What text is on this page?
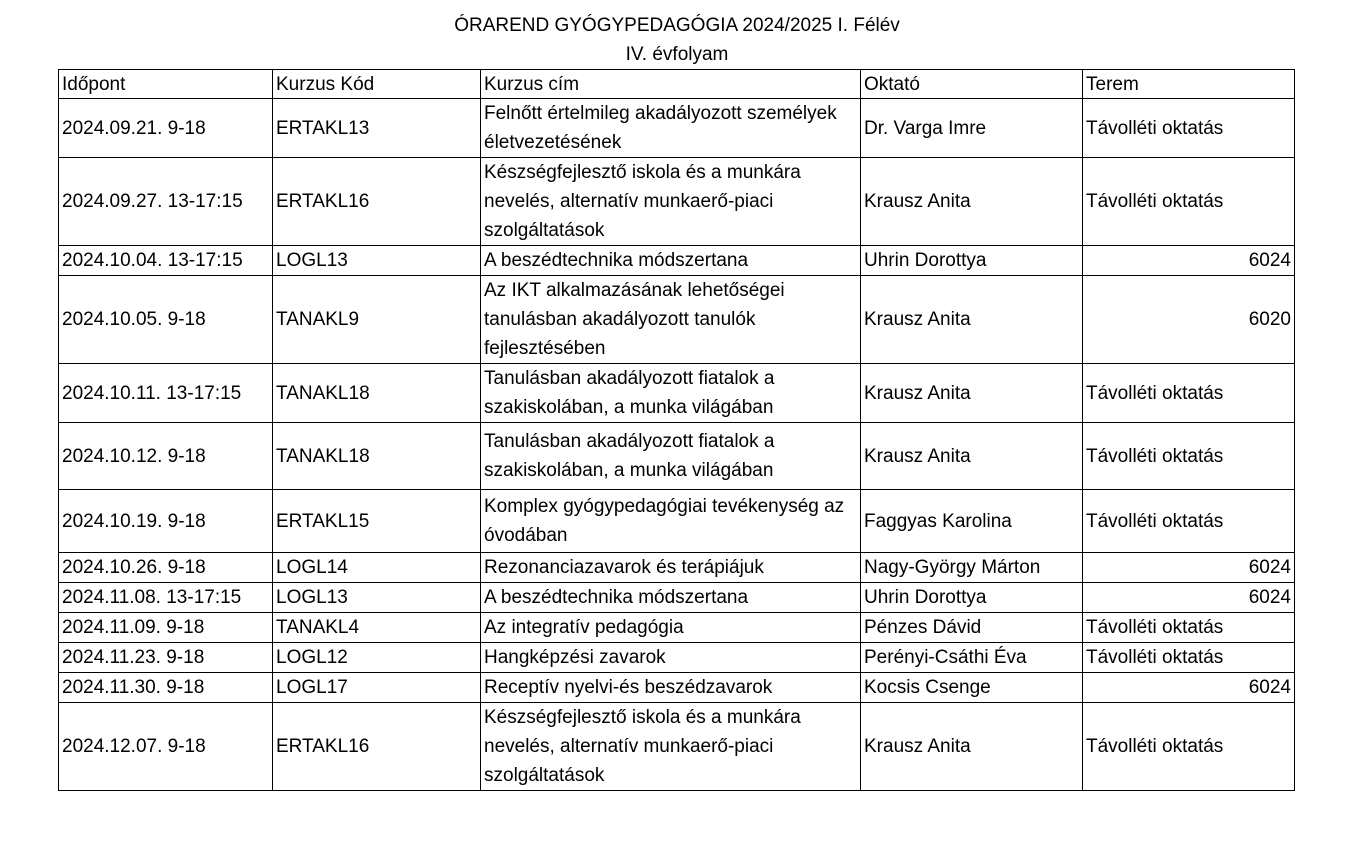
ÓRAREND GYÓGYPEDAGÓGIA 2024/2025 I. Félév
IV. évfolyam
Időpont	Kurzus Kód	Kurzus cím	Oktató	Terem
2024.09.21. 9-18	ERTAKL13	Felnőtt értelmileg akadályozott személyek életvezetésének	Dr. Varga Imre	Távolléti oktatás
2024.09.27. 13-17:15	ERTAKL16	Készségfejlesztő iskola és a munkára nevelés, alternatív munkaerő-piaci szolgáltatások	Krausz Anita	Távolléti oktatás
2024.10.04. 13-17:15	LOGL13	A beszédtechnika módszertana	Uhrin Dorottya	6024
2024.10.05. 9-18	TANAKL9	Az IKT alkalmazásának lehetőségei tanulásban akadályozott tanulók fejlesztésében	Krausz Anita	6020
2024.10.11. 13-17:15	TANAKL18	Tanulásban akadályozott fiatalok a szakiskolában, a munka világában	Krausz Anita	Távolléti oktatás
2024.10.12. 9-18	TANAKL18	Tanulásban akadályozott fiatalok a szakiskolában, a munka világában	Krausz Anita	Távolléti oktatás
2024.10.19. 9-18	ERTAKL15	Komplex gyógypedagógiai tevékenység az óvodában	Faggyas Karolina	Távolléti oktatás
2024.10.26. 9-18	LOGL14	Rezonanciazavarok és terápiájuk	Nagy-György Márton	6024
2024.11.08. 13-17:15	LOGL13	A beszédtechnika módszertana	Uhrin Dorottya	6024
2024.11.09. 9-18	TANAKL4	Az integratív pedagógia	Pénzes Dávid	Távolléti oktatás
2024.11.23. 9-18	LOGL12	Hangképzési zavarok	Perényi-Csáthi Éva	Távolléti oktatás
2024.11.30. 9-18	LOGL17	Receptív nyelvi-és beszédzavarok	Kocsis Csenge	6024
2024.12.07. 9-18	ERTAKL16	Készségfejlesztő iskola és a munkára nevelés, alternatív munkaerő-piaci szolgáltatások	Krausz Anita	Távolléti oktatás
